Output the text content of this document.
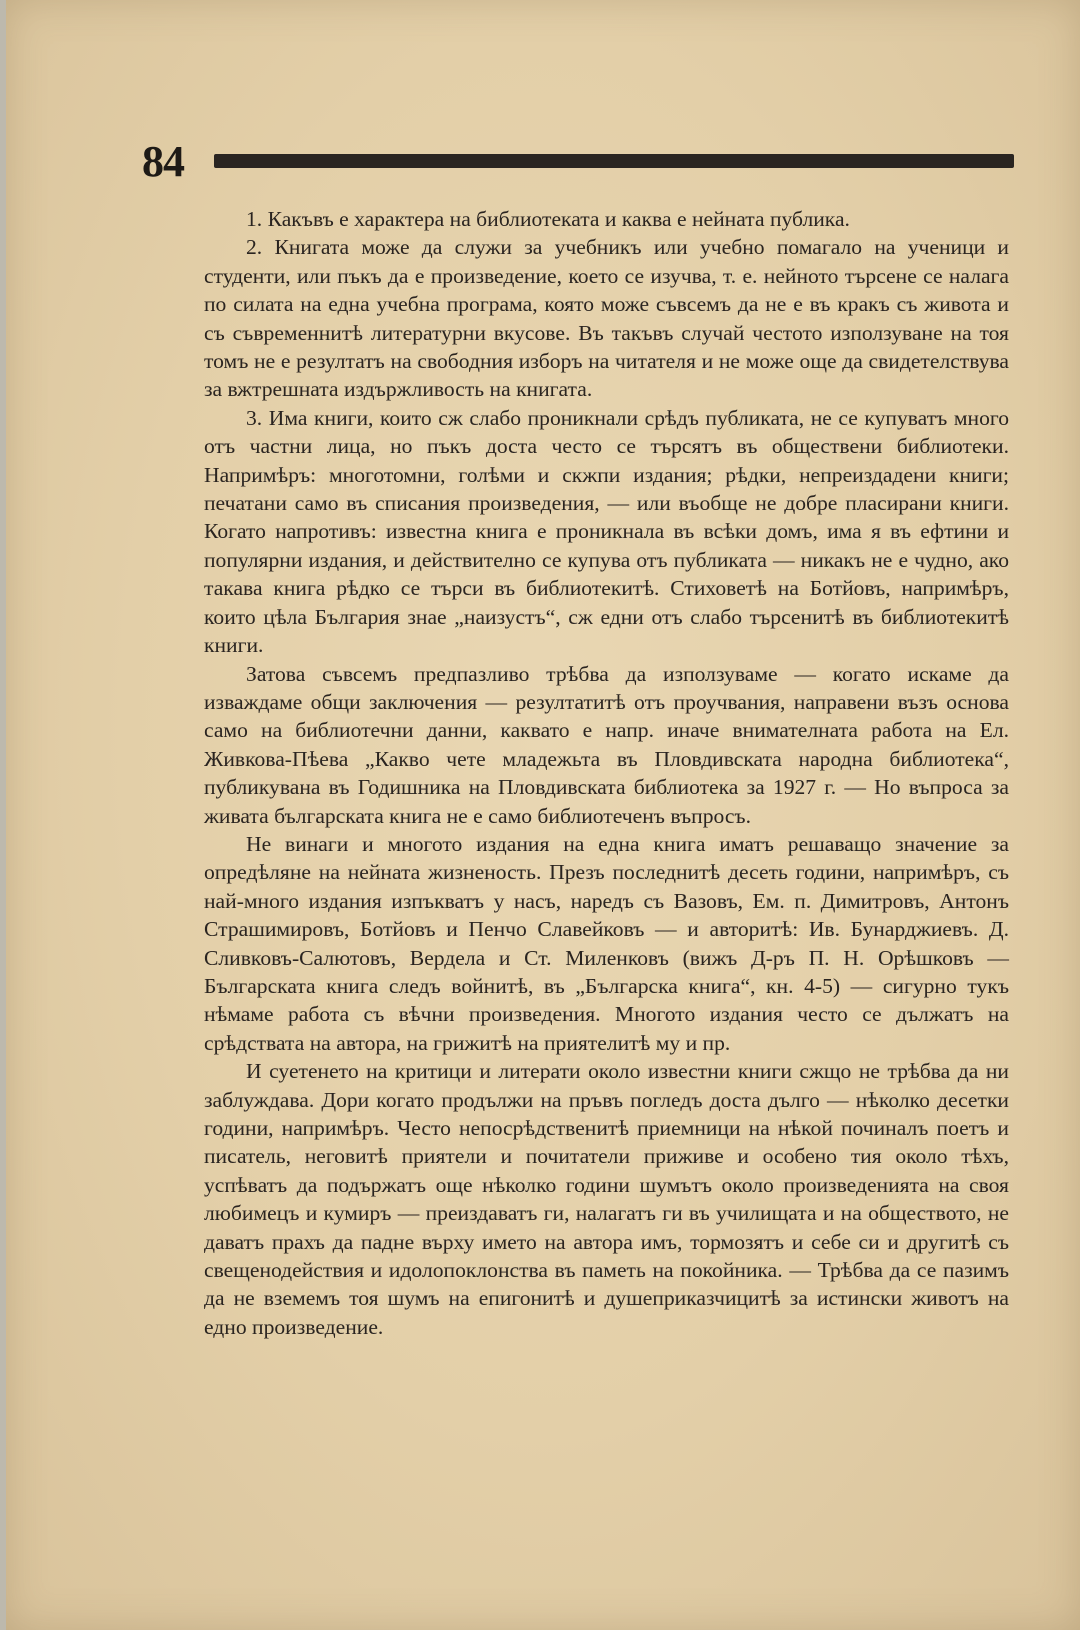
84

1. Какъвъ е характера на библиотеката и каква е нейната публика.

2. Книгата може да служи за учебникъ или учебно помагало на ученици и студенти, или пъкъ да е произведение, което се изучва, т. е. нейното търсене се налага по силата на една учебна програма, която може съвсемъ да не е въ кракъ съ живота и съ съвременнитѣ литературни вкусове. Въ такъвъ случай честото използуване на тоя томъ не е резултатъ на свободния изборъ на читателя и не може още да свидетелствува за вжтрешната издържливость на книгата.

3. Има книги, които сж слабо проникнали срѣдъ публиката, не се купуватъ много отъ частни лица, но пъкъ доста често се търсятъ въ обществени библиотеки. Напримѣръ: многотомни, голѣми и скжпи издания; рѣдки, непреиздадени книги; печатани само въ списания произведения, — или въобще не добре пласирани книги. Когато напротивъ: известна книга е проникнала въ всѣки домъ, има я въ ефтини и популярни издания, и действително се купува отъ публиката — никакъ не е чудно, ако такава книга рѣдко се търси въ библиотекитѣ. Стиховетѣ на Ботйовъ, напримѣръ, които цѣла България знае „наизустъ“, сж едни отъ слабо търсенитѣ въ библиотекитѣ книги.

Затова съвсемъ предпазливо трѣбва да използуваме — когато искаме да изваждаме общи заключения — резултатитѣ отъ проучвания, направени възъ основа само на библиотечни данни, каквато е напр. иначе внимателната работа на Ел. Живкова-Пѣева „Какво чете младежьта въ Пловдивската народна библиотека“, публикувана въ Годишника на Пловдивската библиотека за 1927 г. — Но въпроса за живата българската книга не е само библиотеченъ въпросъ.

Не винаги и многото издания на една книга иматъ решаващо значение за опредѣляне на нейната жизненость. Презъ последнитѣ десеть години, напримѣръ, съ най-много издания изпъкватъ у насъ, наредъ съ Вазовъ, Ем. п. Димитровъ, Антонъ Страшимировъ, Ботйовъ и Пенчо Славейковъ — и авторитѣ: Ив. Бунарджиевъ. Д. Сливковъ-Салютовъ, Вердела и Ст. Миленковъ (вижъ Д-ръ П. Н. Орѣшковъ — Българската книга следъ войнитѣ, въ „Българска книга“, кн. 4-5) — сигурно тукъ нѣмаме работа съ вѣчни произведения. Многото издания често се дължатъ на срѣдствата на автора, на грижитѣ на приятелитѣ му и пр.

И суетенето на критици и литерати около известни книги сжщо не трѣбва да ни заблуждава. Дори когато продължи на пръвъ погледъ доста дълго — нѣколко десетки години, напримѣръ. Често непосрѣдственитѣ приемници на нѣкой починалъ поетъ и писатель, неговитѣ приятели и почитатели приживе и особено тия около тѣхъ, успѣватъ да подържатъ още нѣколко години шумътъ около произведенията на своя любимецъ и кумиръ — преиздаватъ ги, налагатъ ги въ училищата и на обществото, не даватъ прахъ да падне върху името на автора имъ, тормозятъ и себе си и другитѣ съ свещенодействия и идолопоклонства въ паметь на покойника. — Трѣбва да се пазимъ да не вземемъ тоя шумъ на епигонитѣ и душеприказчицитѣ за истински животъ на едно произведение.
